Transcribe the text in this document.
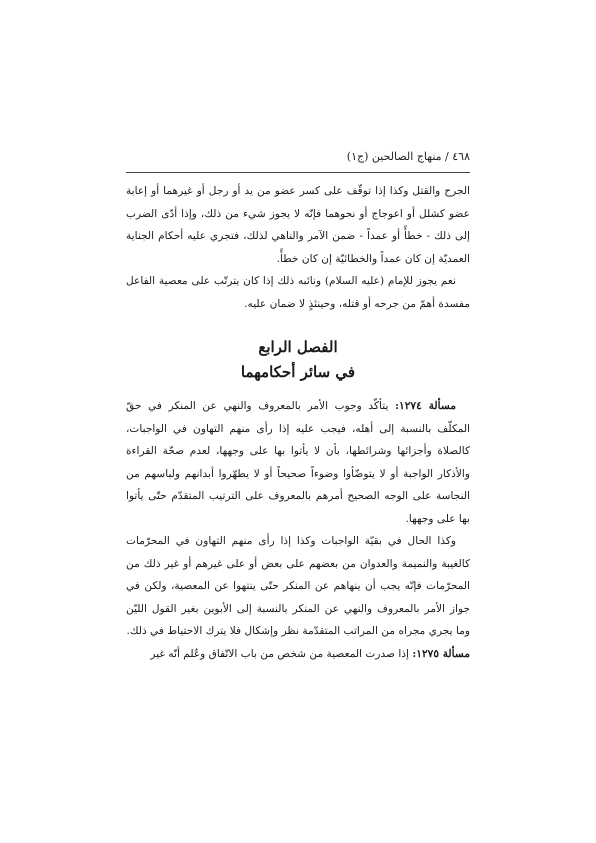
٤٦٨ / منهاج الصالحين (ج١)

الجرح والقتل وكذا إذا توقّف على كسر عضو من يد أو رجل أو غيرهما أو إعابة عضو كشلل أو اعوجاج أو نحوهما فإنّه لا يجوز شيء من ذلك، وإذا أدّى الضرب إلى ذلك - خطأً أو عمداً - ضمن الآمر والناهي لذلك، فتجري عليه أحكام الجناية العمديّة إن كان عمداً والخطائيّة إن كان خطأً.

نعم يجوز للإمام (عليه السلام) ونائبه ذلك إذا كان يترتّب على معصية الفاعل مفسدة أهمّ من جرحه أو قتله، وحينئذٍ لا ضمان عليه.

الفصل الرابع

في سائر أحكامهما

مسألة ١٢٧٤: يتأكّد وجوب الأمر بالمعروف والنهي عن المنكر في حقّ المكلّف بالنسبة إلى أهله، فيجب عليه إذا رأى منهم التهاون في الواجبات، كالصلاة وأجزائها وشرائطها، بأن لا يأتوا بها على وجهها، لعدم صحّة القراءة والأذكار الواجبة أو لا يتوضّأوا وضوءاً صحيحاً أو لا يطهّروا أبدانهم ولباسهم من النجاسة على الوجه الصحيح أمرهم بالمعروف على الترتيب المتقدّم حتّى يأتوا بها على وجهها.

وكذا الحال في بقيّة الواجبات وكذا إذا رأى منهم التهاون في المحرّمات كالغيبة والنميمة والعدوان من بعضهم على بعض أو على غيرهم أو غير ذلك من المحرّمات فإنّه يجب أن ينهاهم عن المنكر حتّى ينتهوا عن المعصية، ولكن في جواز الأمر بالمعروف والنهي عن المنكر بالنسبة إلى الأبوين بغير القول الليّن وما يجري مجراه من المراتب المتقدّمة نظر وإشكال فلا يترك الاحتياط في ذلك.

مسألة ١٢٧٥: إذا صدرت المعصية من شخص من باب الاتّفاق وعُلم أنّه غير
